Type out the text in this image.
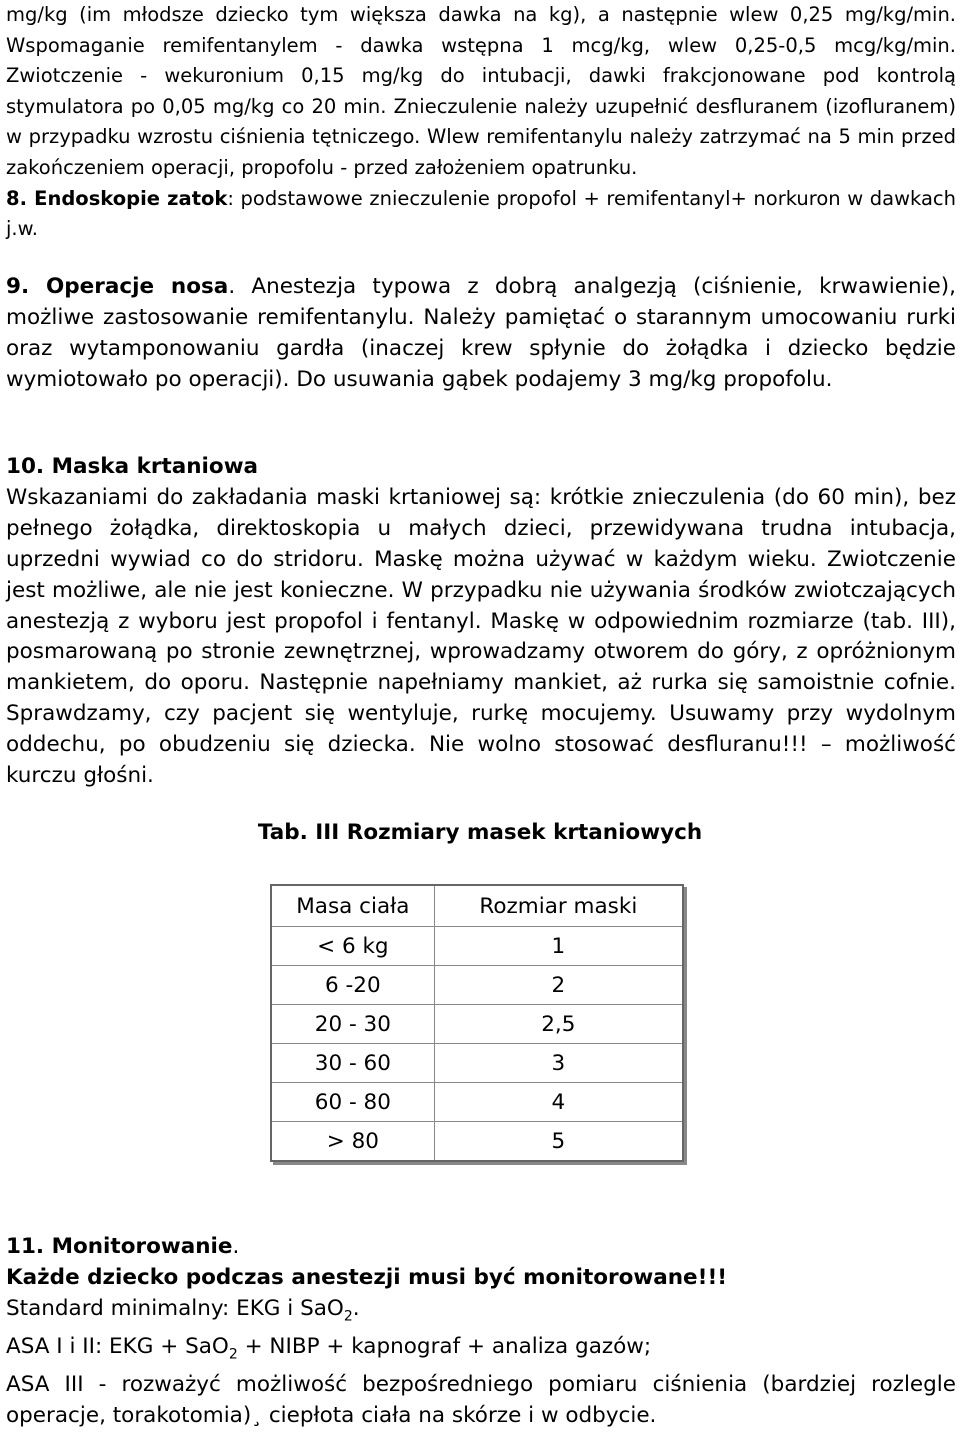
mg/kg (im młodsze dziecko tym większa dawka na kg), a następnie wlew 0,25 mg/kg/min. Wspomaganie remifentanylem - dawka wstępna 1 mcg/kg, wlew 0,25-0,5 mcg/kg/min. Zwiotczenie - wekuronium 0,15 mg/kg do intubacji, dawki frakcjonowane pod kontrolą stymulatora po 0,05 mg/kg co 20 min. Znieczulenie należy uzupełnić desfluranem (izofluranem) w przypadku wzrostu ciśnienia tętniczego. Wlew remifentanylu należy zatrzymać na 5 min przed zakończeniem operacji, propofolu - przed założeniem opatrunku.

8. Endoskopie zatok: podstawowe znieczulenie propofol + remifentanyl+ norkuron w dawkach j.w.

9. Operacje nosa. Anestezja typowa z dobrą analgezją (ciśnienie, krwawienie), możliwe zastosowanie remifentanylu. Należy pamiętać o starannym umocowaniu rurki oraz wytamponowaniu gardła (inaczej krew spłynie do żołądka i dziecko będzie wymiotowało po operacji). Do usuwania gąbek podajemy 3 mg/kg propofolu.

10. Maska krtaniowa

Wskazaniami do zakładania maski krtaniowej są: krótkie znieczulenia (do 60 min), bez pełnego żołądka, direktoskopia u małych dzieci, przewidywana trudna intubacja, uprzedni wywiad co do stridoru. Maskę można używać w każdym wieku. Zwiotczenie jest możliwe, ale nie jest konieczne. W przypadku nie używania środków zwiotczających anestezją z wyboru jest propofol i fentanyl. Maskę w odpowiednim rozmiarze (tab. III), posmarowaną po stronie zewnętrznej, wprowadzamy otworem do góry, z opróżnionym mankietem, do oporu. Następnie napełniamy mankiet, aż rurka się samoistnie cofnie. Sprawdzamy, czy pacjent się wentyluje, rurkę mocujemy. Usuwamy przy wydolnym oddechu, po obudzeniu się dziecka. Nie wolno stosować desfluranu!!! – możliwość kurczu głośni.

Tab. III Rozmiary masek krtaniowych
Masa ciała	Rozmiar maski
< 6 kg	1
6 -20	2
20 - 30	2,5
30 - 60	3
60 - 80	4
> 80	5

11. Monitorowanie.

Każde dziecko podczas anestezji musi być monitorowane!!!

Standard minimalny: EKG i SaO$_2$.

ASA I i II: EKG + SaO$_2$ + NIBP + kapnograf + analiza gazów;

ASA III - rozważyć możliwość bezpośredniego pomiaru ciśnienia (bardziej rozlegle operacje, torakotomia)¸ ciepłota ciała na skórze i w odbycie.
